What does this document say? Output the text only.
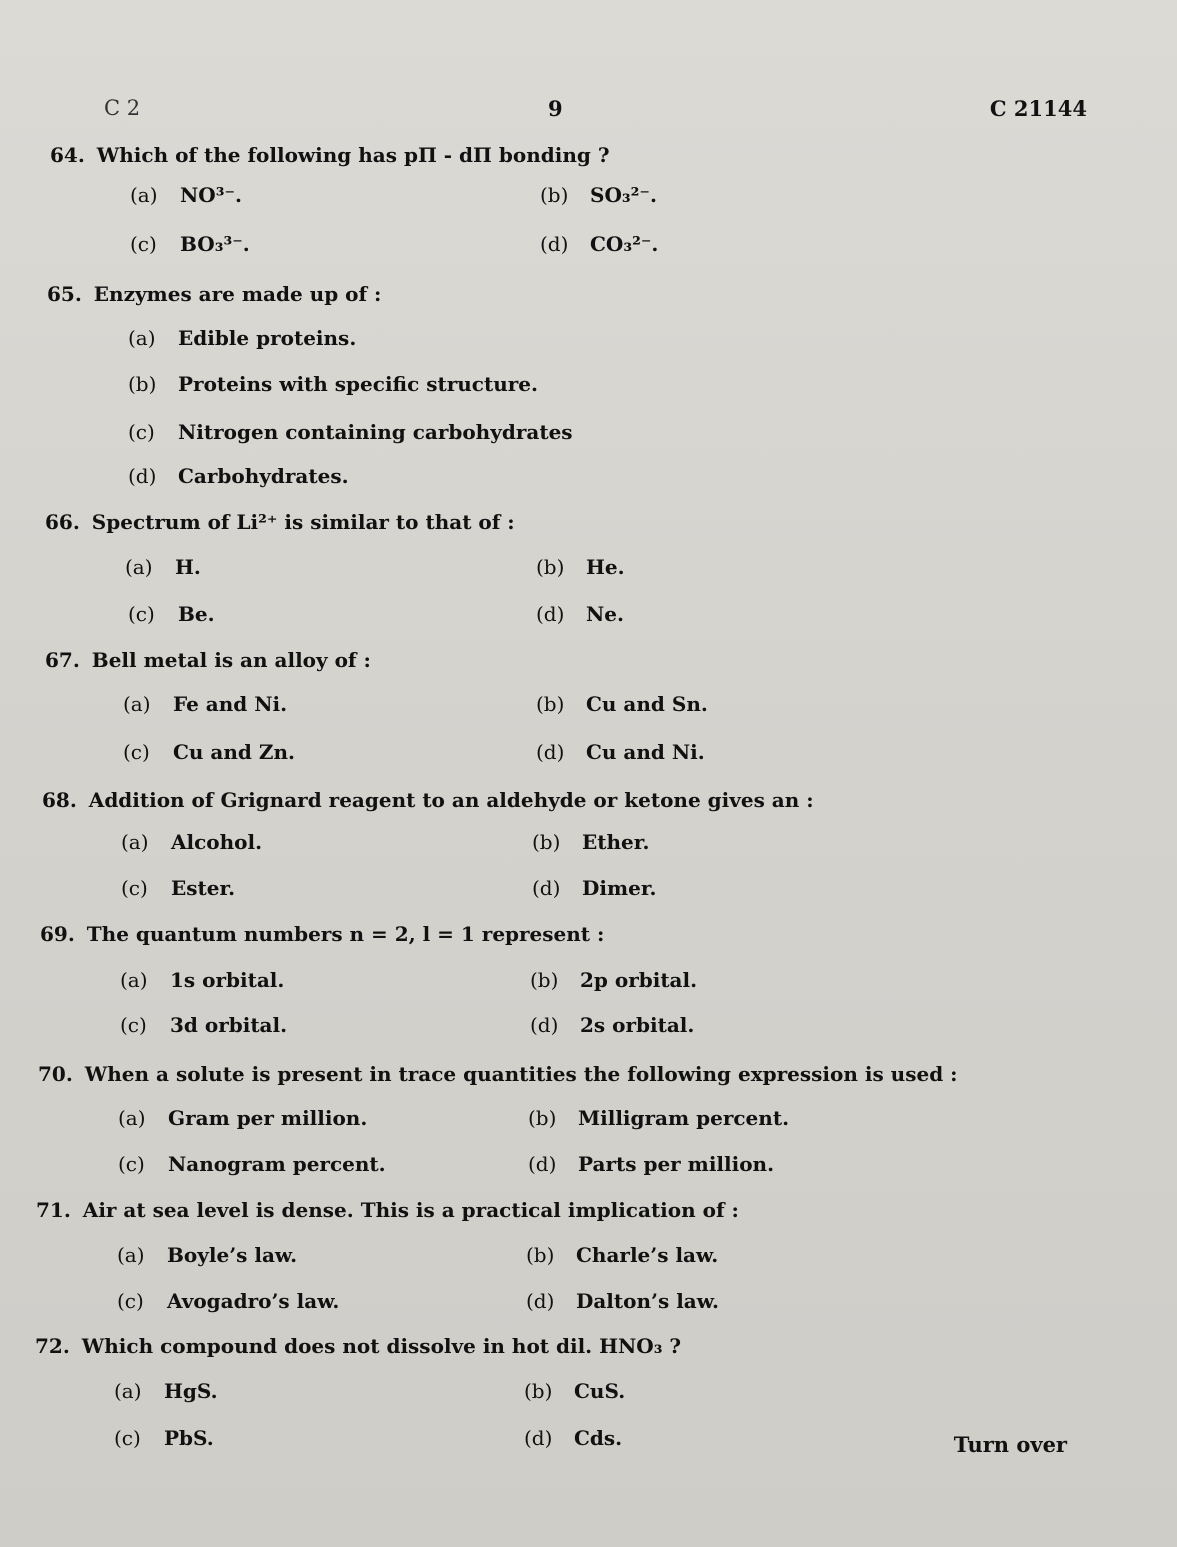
C 2	9	C 21144
64. Which of the following has pΠ - dΠ bonding ?
(a) NO³⁻.	(b) SO₃²⁻.
(c) BO₃³⁻.	(d) CO₃²⁻.
65. Enzymes are made up of :
(a) Edible proteins.
(b) Proteins with specific structure.
(c) Nitrogen containing carbohydrates
(d) Carbohydrates.
66. Spectrum of Li²⁺ is similar to that of :
(a) H.	(b) He.
(c) Be.	(d) Ne.
67. Bell metal is an alloy of :
(a) Fe and Ni.	(b) Cu and Sn.
(c) Cu and Zn.	(d) Cu and Ni.
68. Addition of Grignard reagent to an aldehyde or ketone gives an :
(a) Alcohol.	(b) Ether.
(c) Ester.	(d) Dimer.
69. The quantum numbers n = 2, l = 1 represent :
(a) 1s orbital.	(b) 2p orbital.
(c) 3d orbital.	(d) 2s orbital.
70. When a solute is present in trace quantities the following expression is used :
(a) Gram per million.	(b) Milligram percent.
(c) Nanogram percent.	(d) Parts per million.
71. Air at sea level is dense. This is a practical implication of :
(a) Boyle’s law.	(b) Charle’s law.
(c) Avogadro’s law.	(d) Dalton’s law.
72. Which compound does not dissolve in hot dil. HNO₃ ?
(a) HgS.	(b) CuS.
(c) PbS.	(d) Cds.	Turn over
